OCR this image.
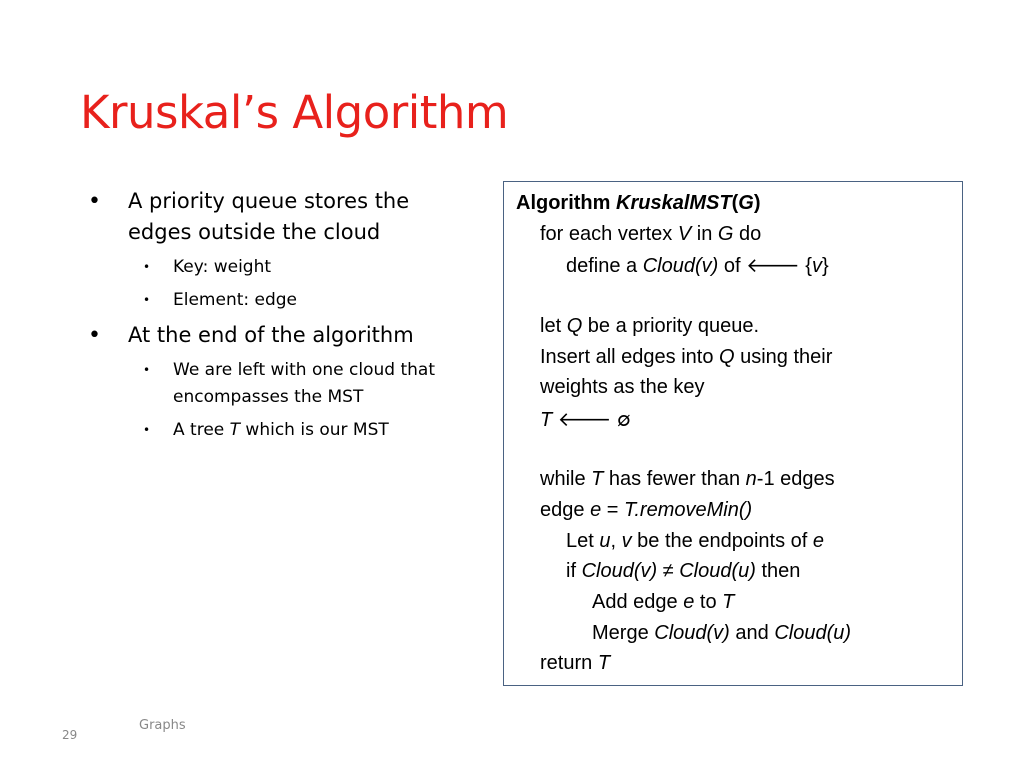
Kruskal’s Algorithm
• A priority queue stores the edges outside the cloud
• Key: weight
• Element: edge
• At the end of the algorithm
• We are left with one cloud that encompasses the MST
• A tree T which is our MST
Algorithm KruskalMST(G)
for each vertex V in G do
define a Cloud(v) of 🡐 {v}
let Q be a priority queue.
Insert all edges into Q using their
weights as the key
T 🡐 ∅
while T has fewer than n-1 edges
edge e = T.removeMin()
Let u, v be the endpoints of e
if Cloud(v) ≠ Cloud(u) then
Add edge e to T
Merge Cloud(v) and Cloud(u)
return T
29
Graphs
